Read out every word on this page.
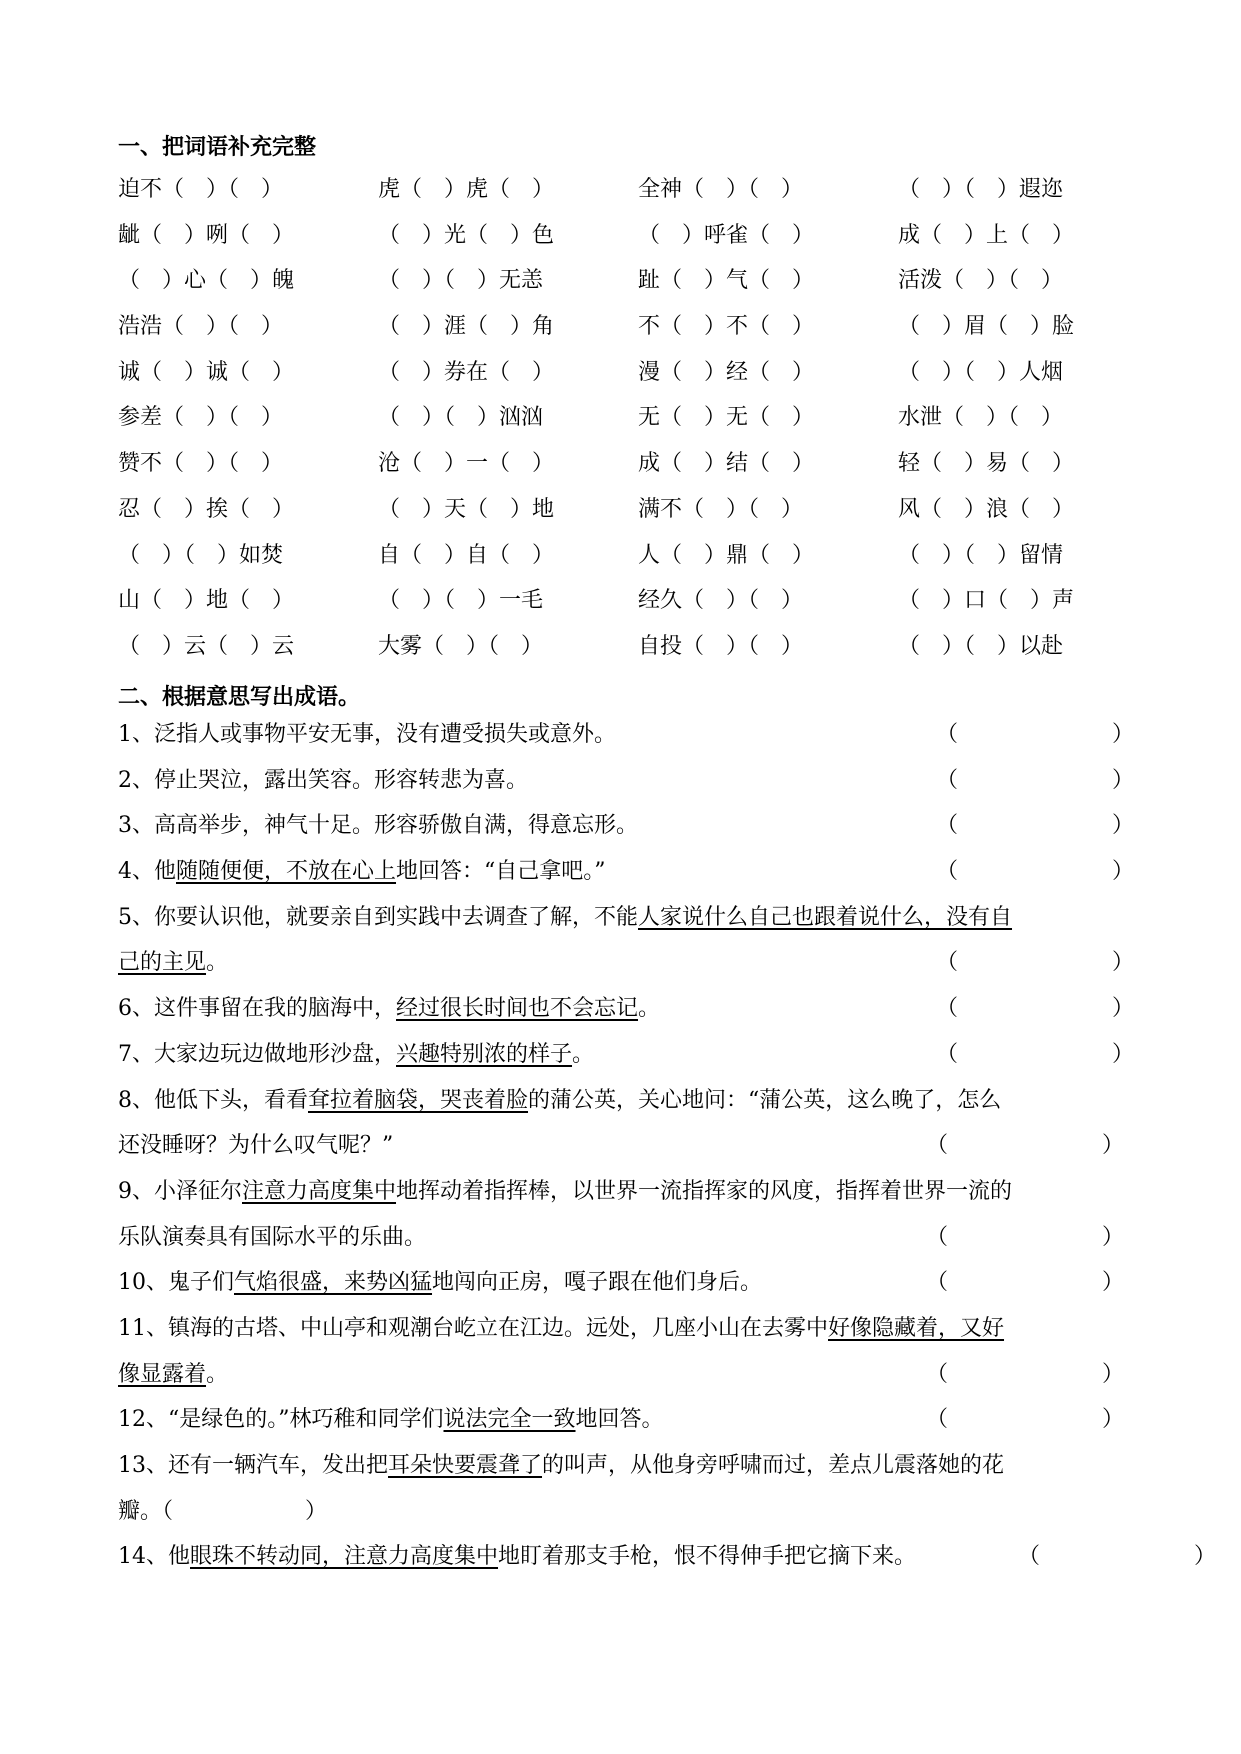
一、把词语补充完整
迫不（　）（　）	虎（　）虎（　）	全神（　）（　）	（　）（　）遐迩
龇（　）咧（　）	（　）光（　）色	（　）呼雀（　）	成（　）上（　）
（　）心（　）魄	（　）（　）无恙	趾（　）气（　）	活泼（　）（　）
浩浩（　）（　）	（　）涯（　）角	不（　）不（　）	（　）眉（　）脸
诚（　）诚（　）	（　）券在（　）	漫（　）经（　）	（　）（　）人烟
参差（　）（　）	（　）（　）汹汹	无（　）无（　）	水泄（　）（　）
赞不（　）（　）	沧（　）一（　）	成（　）结（　）	轻（　）易（　）
忍（　）挨（　）	（　）天（　）地	满不（　）（　）	风（　）浪（　）
（　）（　）如焚	自（　）自（　）	人（　）鼎（　）	（　）（　）留情
山（　）地（　）	（　）（　）一毛	经久（　）（　）	（　）口（　）声
（　）云（　）云	大雾（　）（　）	自投（　）（　）	（　）（　）以赴
二、根据意思写出成语。
1、泛指人或事物平安无事，没有遭受损失或意外。	（　　　　　　　）
2、停止哭泣，露出笑容。形容转悲为喜。	（　　　　　　　）
3、高高举步，神气十足。形容骄傲自满，得意忘形。	（　　　　　　　）
4、他随随便便，不放在心上地回答：“自己拿吧。”	（　　　　　　　）
5、你要认识他，就要亲自到实践中去调查了解，不能人家说什么自己也跟着说什么，没有自
己的主见。	（　　　　　　　）
6、这件事留在我的脑海中，经过很长时间也不会忘记。	（　　　　　　　）
7、大家边玩边做地形沙盘，兴趣特别浓的样子。	（　　　　　　　）
8、他低下头，看看耷拉着脑袋，哭丧着脸的蒲公英，关心地问：“蒲公英，这么晚了，怎么
还没睡呀？为什么叹气呢？”	（　　　　　　　）
9、小泽征尔注意力高度集中地挥动着指挥棒，以世界一流指挥家的风度，指挥着世界一流的
乐队演奏具有国际水平的乐曲。	（　　　　　　　）
10、鬼子们气焰很盛，来势凶猛地闯向正房，嘎子跟在他们身后。	（　　　　　　　）
11、镇海的古塔、中山亭和观潮台屹立在江边。远处，几座小山在去雾中好像隐藏着，又好
像显露着。	（　　　　　　　）
12、“是绿色的。”林巧稚和同学们说法完全一致地回答。	（　　　　　　　）
13、还有一辆汽车，发出把耳朵快要震聋了的叫声，从他身旁呼啸而过，差点儿震落她的花
瓣。（　　　　　　）
14、他眼珠不转动同，注意力高度集中地盯着那支手枪，恨不得伸手把它摘下来。	（　　　　　　　）
